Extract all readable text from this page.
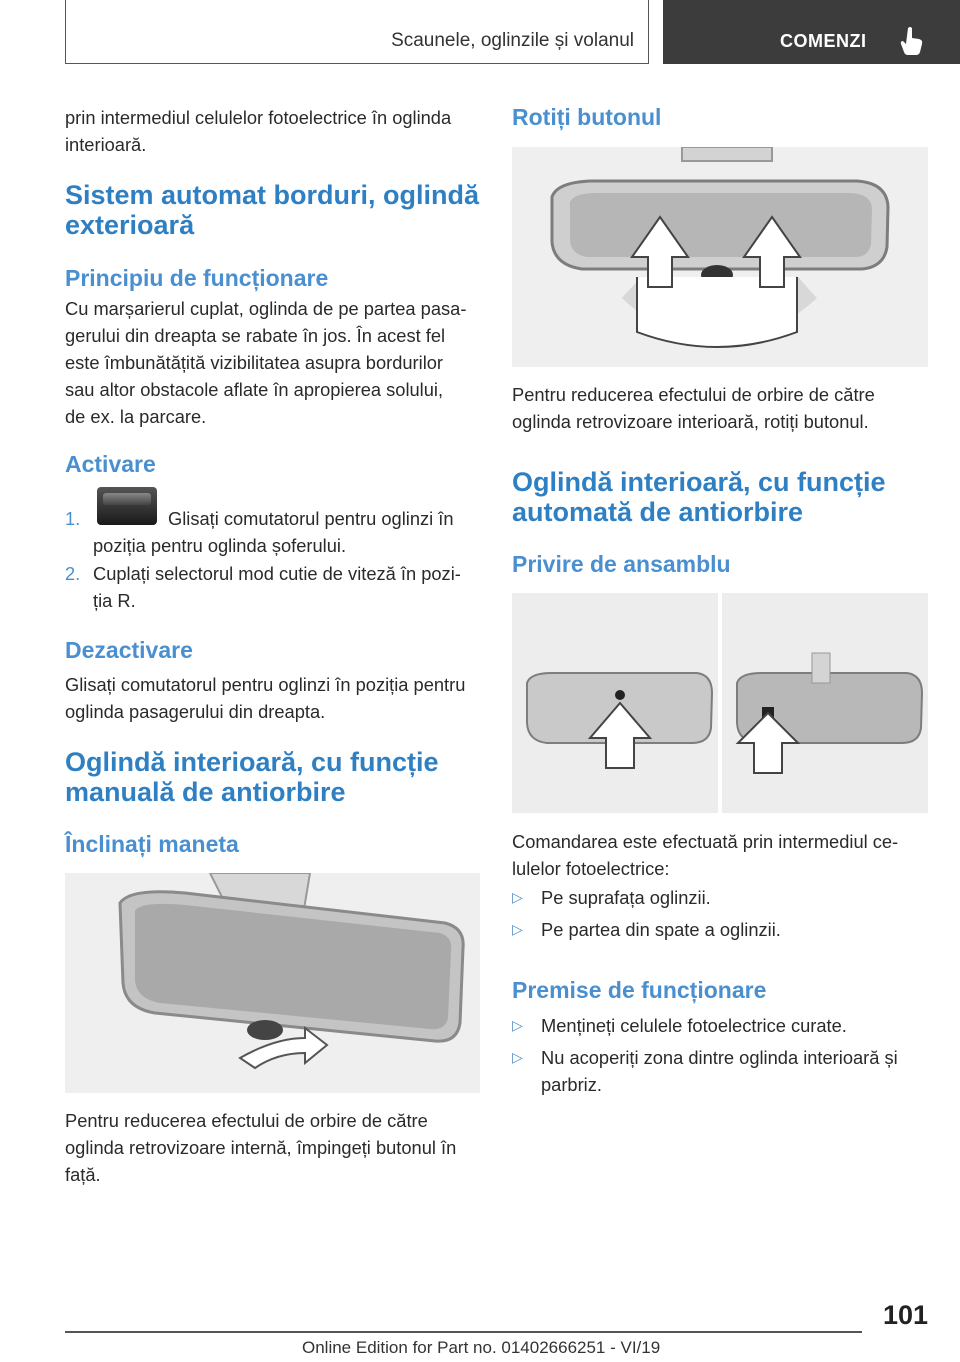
Scaunele, oglinzile și volanul	COMENZI
prin intermediul celulelor fotoelectrice în oglinda
interioară.
Sistem automat borduri, oglindă
exterioară
Principiu de funcționare
Cu marșarierul cuplat, oglinda de pe partea pasa-
gerului din dreapta se rabate în jos. În acest fel
este îmbunătățită vizibilitatea asupra bordurilor
sau altor obstacole aflate în apropierea solului,
de ex. la parcare.
Activare
1.	Glisați comutatorul pentru oglinzi în
poziția pentru oglinda șoferului.
2. Cuplați selectorul mod cutie de viteză în pozi-
ția R.
Dezactivare
Glisați comutatorul pentru oglinzi în poziția pentru
oglinda pasagerului din dreapta.
Oglindă interioară, cu funcție
manuală de antiorbire
Înclinați maneta
Pentru reducerea efectului de orbire de către
oglinda retrovizoare internă, împingeți butonul în
față.
Rotiți butonul
Pentru reducerea efectului de orbire de către
oglinda retrovizoare interioară, rotiți butonul.
Oglindă interioară, cu funcție
automată de antiorbire
Privire de ansamblu
Comandarea este efectuată prin intermediul ce-
lulelor fotoelectrice:
▷ Pe suprafața oglinzii.
▷ Pe partea din spate a oglinzii.
Premise de funcționare
▷ Mențineți celulele fotoelectrice curate.
▷ Nu acoperiți zona dintre oglinda interioară și
parbriz.
101
Online Edition for Part no. 01402666251 - VI/19
